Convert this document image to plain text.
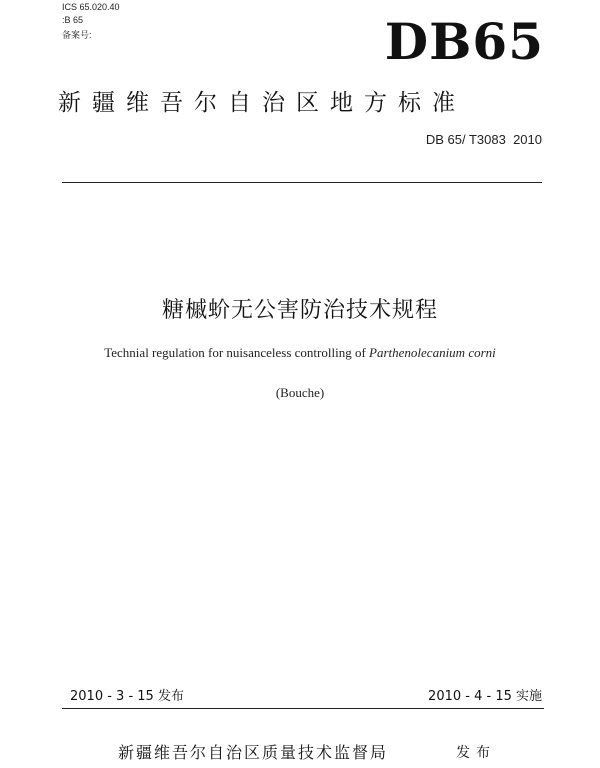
ICS 65.020.40
:B 65
备案号:	DB65
新疆维吾尔自治区地方标准
DB 65/ T3083  2010
糖槭蚧无公害防治技术规程
Technial regulation for nuisanceless controlling of Parthenolecanium corni
(Bouche)
2010 - 3 - 15 发布	2010 - 4 - 15 实施
新疆维吾尔自治区质量技术监督局	发布
